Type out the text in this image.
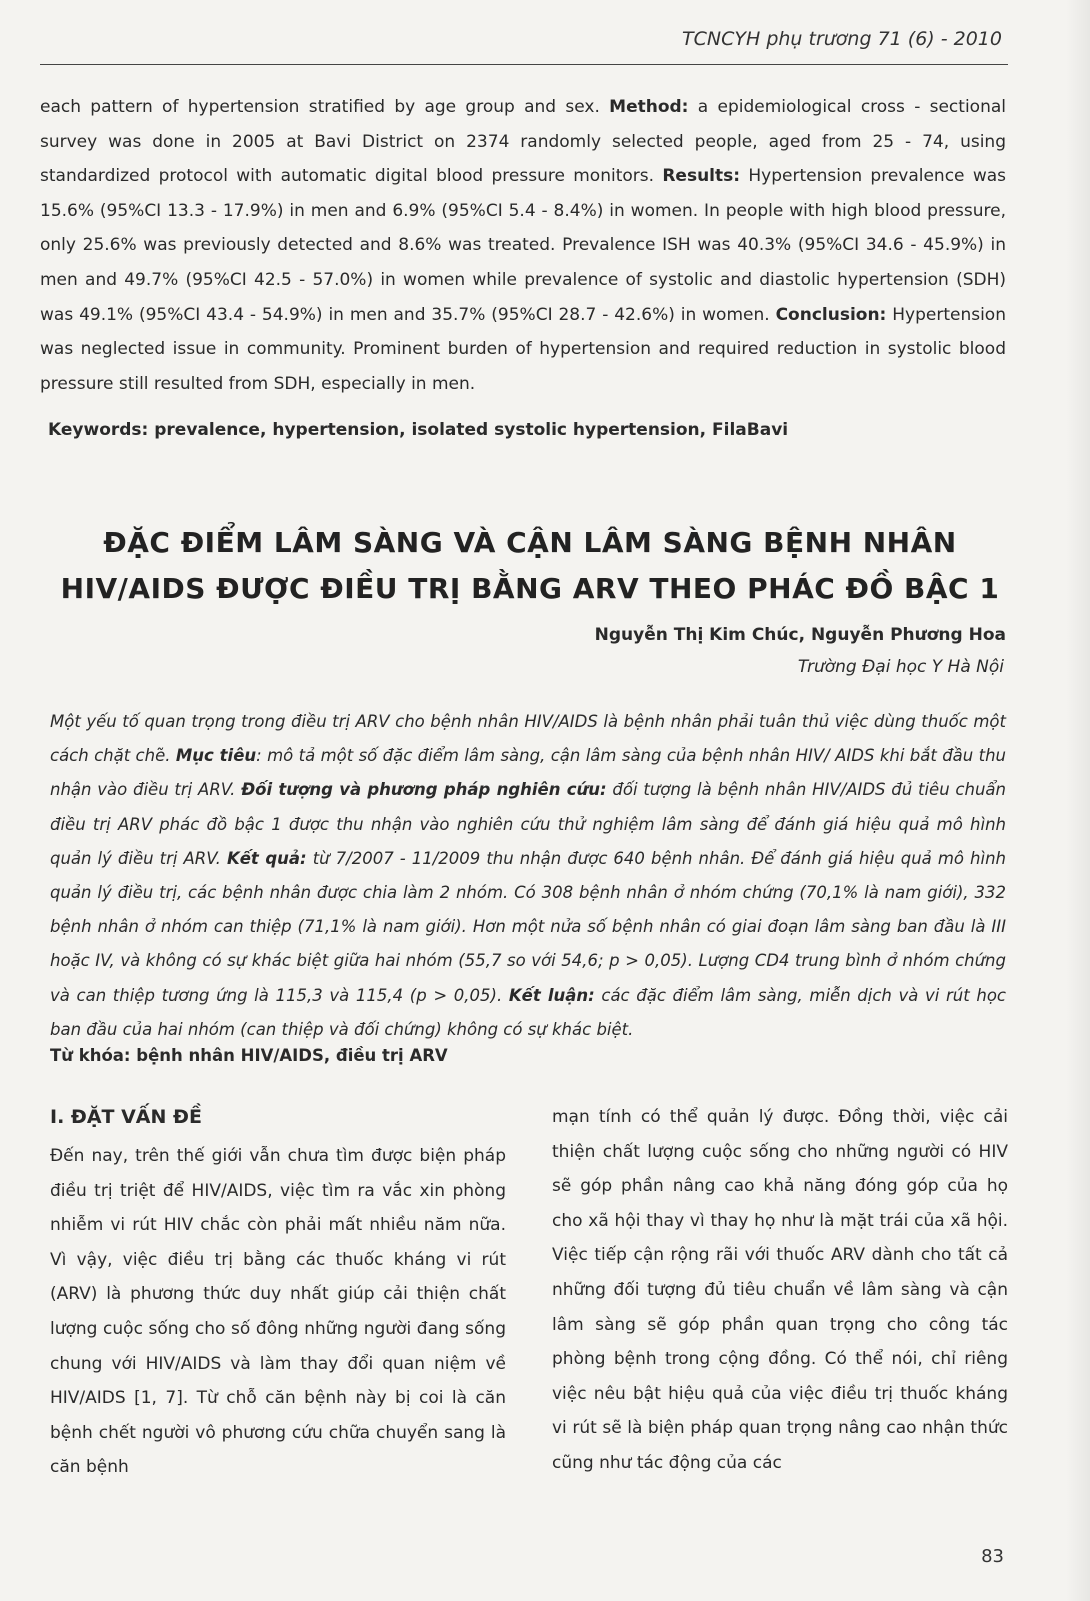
TCNCYH phụ trương 71 (6) - 2010

each pattern of hypertension stratified by age group and sex. Method: a epidemiological cross - sectional survey was done in 2005 at Bavi District on 2374 randomly selected people, aged from 25 - 74, using standardized protocol with automatic digital blood pressure monitors. Results: Hypertension prevalence was 15.6% (95%CI 13.3 - 17.9%) in men and 6.9% (95%CI 5.4 - 8.4%) in women. In people with high blood pressure, only 25.6% was previously detected and 8.6% was treated. Prevalence ISH was 40.3% (95%CI 34.6 - 45.9%) in men and 49.7% (95%CI 42.5 - 57.0%) in women while prevalence of systolic and diastolic hypertension (SDH) was 49.1% (95%CI 43.4 - 54.9%) in men and 35.7% (95%CI 28.7 - 42.6%) in women. Conclusion: Hypertension was neglected issue in community. Prominent burden of hypertension and required reduction in systolic blood pressure still resulted from SDH, especially in men.

Keywords: prevalence, hypertension, isolated systolic hypertension, FilaBavi

ĐẶC ĐIỂM LÂM SÀNG VÀ CẬN LÂM SÀNG BỆNH NHÂN
HIV/AIDS ĐƯỢC ĐIỀU TRỊ BẰNG ARV THEO PHÁC ĐỒ BẬC 1

Nguyễn Thị Kim Chúc, Nguyễn Phương Hoa

Trường Đại học Y Hà Nội

Một yếu tố quan trọng trong điều trị ARV cho bệnh nhân HIV/AIDS là bệnh nhân phải tuân thủ việc dùng thuốc một cách chặt chẽ. Mục tiêu: mô tả một số đặc điểm lâm sàng, cận lâm sàng của bệnh nhân HIV/ AIDS khi bắt đầu thu nhận vào điều trị ARV. Đối tượng và phương pháp nghiên cứu: đối tượng là bệnh nhân HIV/AIDS đủ tiêu chuẩn điều trị ARV phác đồ bậc 1 được thu nhận vào nghiên cứu thử nghiệm lâm sàng để đánh giá hiệu quả mô hình quản lý điều trị ARV. Kết quả: từ 7/2007 - 11/2009 thu nhận được 640 bệnh nhân. Để đánh giá hiệu quả mô hình quản lý điều trị, các bệnh nhân được chia làm 2 nhóm. Có 308 bệnh nhân ở nhóm chứng (70,1% là nam giới), 332 bệnh nhân ở nhóm can thiệp (71,1% là nam giới). Hơn một nửa số bệnh nhân có giai đoạn lâm sàng ban đầu là III hoặc IV, và không có sự khác biệt giữa hai nhóm (55,7 so với 54,6; p > 0,05). Lượng CD4 trung bình ở nhóm chứng và can thiệp tương ứng là 115,3 và 115,4 (p > 0,05). Kết luận: các đặc điểm lâm sàng, miễn dịch và vi rút học ban đầu của hai nhóm (can thiệp và đối chứng) không có sự khác biệt.

Từ khóa: bệnh nhân HIV/AIDS, điều trị ARV

I. ĐẶT VẤN ĐỀ

Đến nay, trên thế giới vẫn chưa tìm được biện pháp điều trị triệt để HIV/AIDS, việc tìm ra vắc xin phòng nhiễm vi rút HIV chắc còn phải mất nhiều năm nữa. Vì vậy, việc điều trị bằng các thuốc kháng vi rút (ARV) là phương thức duy nhất giúp cải thiện chất lượng cuộc sống cho số đông những người đang sống chung với HIV/AIDS và làm thay đổi quan niệm về HIV/AIDS [1, 7]. Từ chỗ căn bệnh này bị coi là căn bệnh chết người vô phương cứu chữa chuyển sang là căn bệnh

mạn tính có thể quản lý được. Đồng thời, việc cải thiện chất lượng cuộc sống cho những người có HIV sẽ góp phần nâng cao khả năng đóng góp của họ cho xã hội thay vì thay họ như là mặt trái của xã hội. Việc tiếp cận rộng rãi với thuốc ARV dành cho tất cả những đối tượng đủ tiêu chuẩn về lâm sàng và cận lâm sàng sẽ góp phần quan trọng cho công tác phòng bệnh trong cộng đồng. Có thể nói, chỉ riêng việc nêu bật hiệu quả của việc điều trị thuốc kháng vi rút sẽ là biện pháp quan trọng nâng cao nhận thức cũng như tác động của các

83
